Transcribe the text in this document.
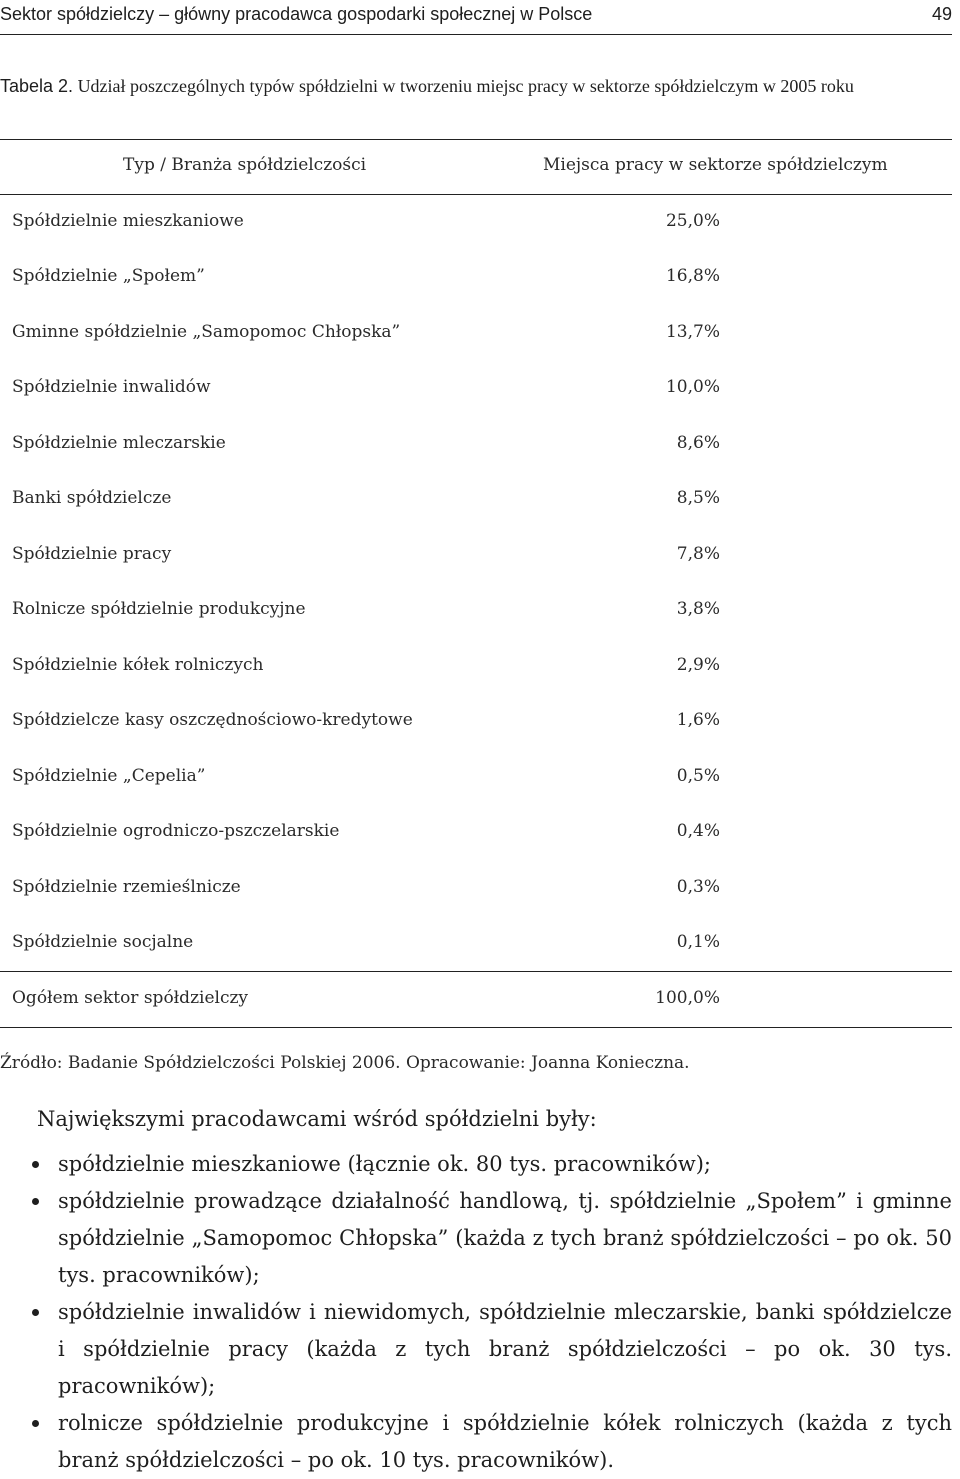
Sektor spółdzielczy – główny pracodawca gospodarki społecznej w Polsce	49
Tabela 2. Udział poszczególnych typów spółdzielni w tworzeniu miejsc pracy w sektorze spółdzielczym w 2005 roku
Typ / Branża spółdzielczości	Miejsca pracy w sektorze spółdzielczym
Spółdzielnie mieszkaniowe	25,0%
Spółdzielnie „Społem”	16,8%
Gminne spółdzielnie „Samopomoc Chłopska”	13,7%
Spółdzielnie inwalidów	10,0%
Spółdzielnie mleczarskie	8,6%
Banki spółdzielcze	8,5%
Spółdzielnie pracy	7,8%
Rolnicze spółdzielnie produkcyjne	3,8%
Spółdzielnie kółek rolniczych	2,9%
Spółdzielcze kasy oszczędnościowo-kredytowe	1,6%
Spółdzielnie „Cepelia”	0,5%
Spółdzielnie ogrodniczo-pszczelarskie	0,4%
Spółdzielnie rzemieślnicze	0,3%
Spółdzielnie socjalne	0,1%
Ogółem sektor spółdzielczy	100,0%
Źródło: Badanie Spółdzielczości Polskiej 2006. Opracowanie: Joanna Konieczna.
Największymi pracodawcami wśród spółdzielni były:
spółdzielnie mieszkaniowe (łącznie ok. 80 tys. pracowników);
spółdzielnie prowadzące działalność handlową, tj. spółdzielnie „Społem” i gminne spółdzielnie „Samopomoc Chłopska” (każda z tych branż spółdzielczości – po ok. 50 tys. pracowników);
spółdzielnie inwalidów i niewidomych, spółdzielnie mleczarskie, banki spółdzielcze i spółdzielnie pracy (każda z tych branż spółdzielczości – po ok. 30 tys. pracowników);
rolnicze spółdzielnie produkcyjne i spółdzielnie kółek rolniczych (każda z tych branż spółdzielczości – po ok. 10 tys. pracowników).
